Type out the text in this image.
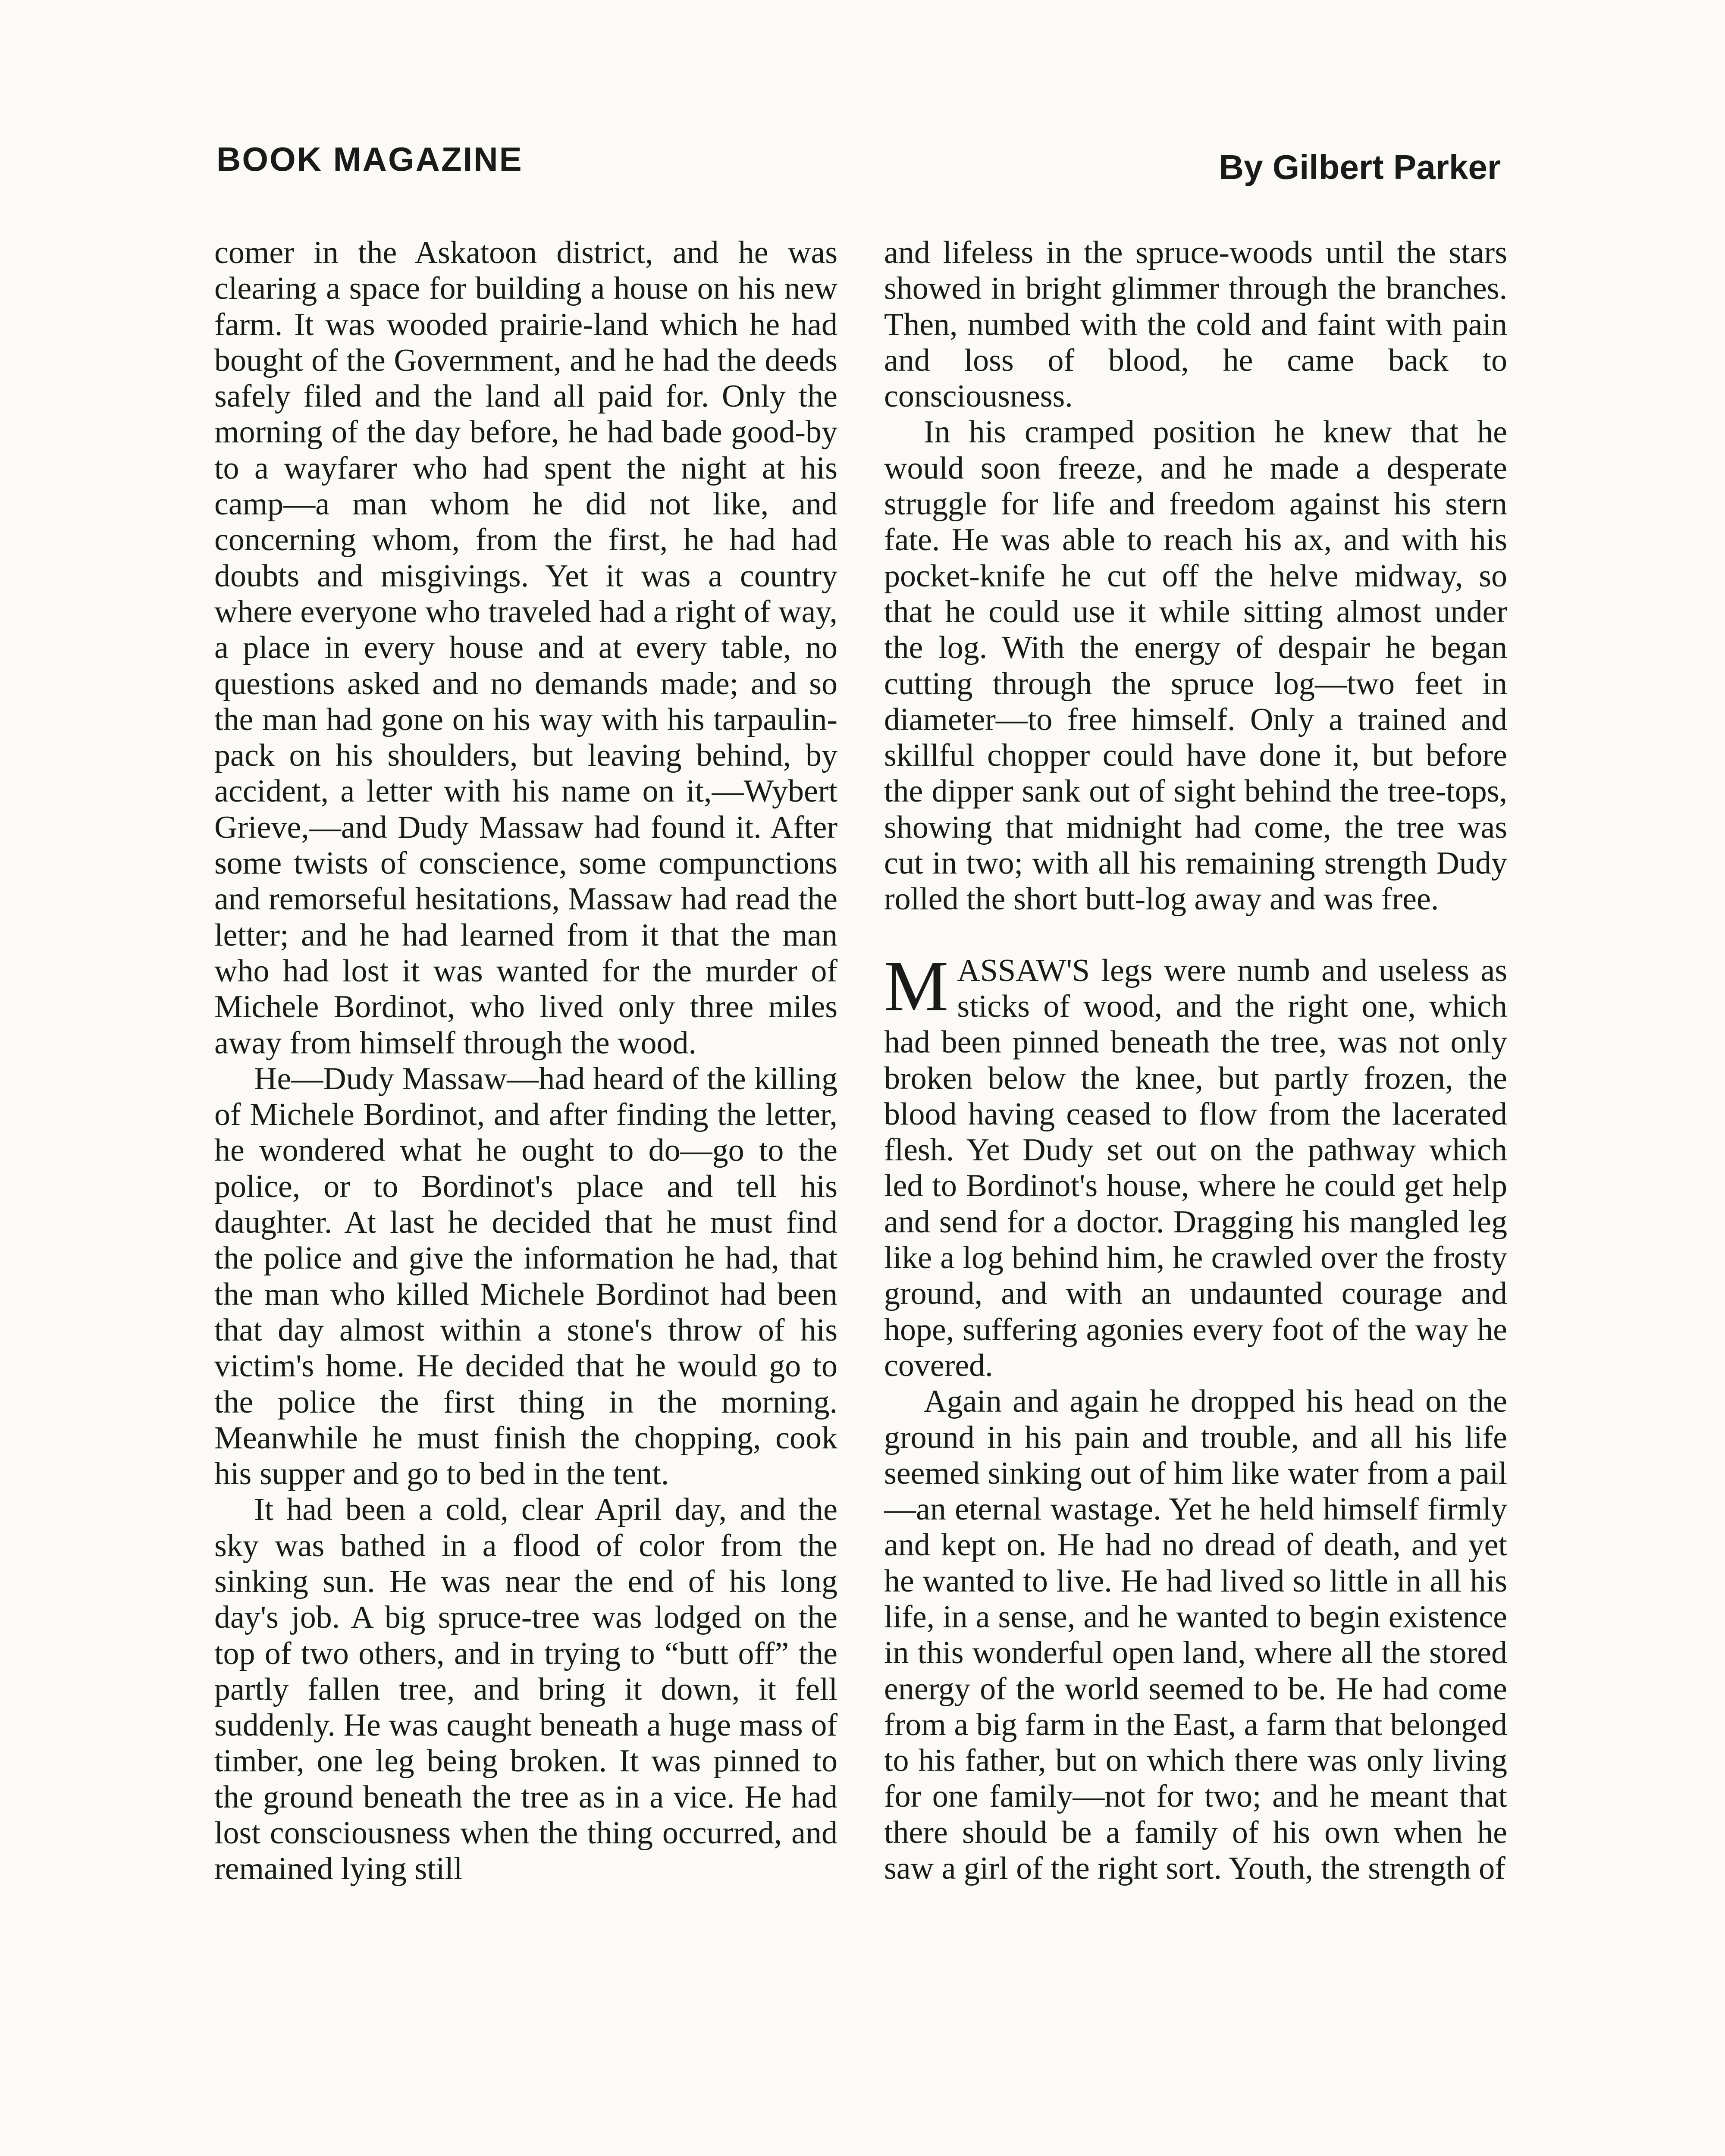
BOOK MAGAZINE	By Gilbert Parker

comer in the Askatoon district, and he was clearing a space for building a house on his new farm. It was wooded prairie-land which he had bought of the Government, and he had the deeds safely filed and the land all paid for. Only the morning of the day before, he had bade good-by to a wayfarer who had spent the night at his camp—a man whom he did not like, and concerning whom, from the first, he had had doubts and misgivings. Yet it was a country where everyone who traveled had a right of way, a place in every house and at every table, no questions asked and no demands made; and so the man had gone on his way with his tarpaulin-pack on his shoulders, but leaving behind, by accident, a letter with his name on it,—Wybert Grieve,—and Dudy Massaw had found it. After some twists of conscience, some compunctions and remorseful hesitations, Massaw had read the letter; and he had learned from it that the man who had lost it was wanted for the murder of Michele Bordinot, who lived only three miles away from himself through the wood.

He—Dudy Massaw—had heard of the killing of Michele Bordinot, and after finding the letter, he wondered what he ought to do—go to the police, or to Bordinot's place and tell his daughter. At last he decided that he must find the police and give the information he had, that the man who killed Michele Bordinot had been that day almost within a stone's throw of his victim's home. He decided that he would go to the police the first thing in the morning. Meanwhile he must finish the chopping, cook his supper and go to bed in the tent.

It had been a cold, clear April day, and the sky was bathed in a flood of color from the sinking sun. He was near the end of his long day's job. A big spruce-tree was lodged on the top of two others, and in trying to “butt off” the partly fallen tree, and bring it down, it fell suddenly. He was caught beneath a huge mass of timber, one leg being broken. It was pinned to the ground beneath the tree as in a vice. He had lost consciousness when the thing occurred, and remained lying still

and lifeless in the spruce-woods until the stars showed in bright glimmer through the branches. Then, numbed with the cold and faint with pain and loss of blood, he came back to consciousness.

In his cramped position he knew that he would soon freeze, and he made a desperate struggle for life and freedom against his stern fate. He was able to reach his ax, and with his pocket-knife he cut off the helve midway, so that he could use it while sitting almost under the log. With the energy of despair he began cutting through the spruce log—two feet in diameter—to free himself. Only a trained and skillful chopper could have done it, but before the dipper sank out of sight behind the tree-tops, showing that midnight had come, the tree was cut in two; with all his remaining strength Dudy rolled the short butt-log away and was free.

MASSAW'S legs were numb and useless as sticks of wood, and the right one, which had been pinned beneath the tree, was not only broken below the knee, but partly frozen, the blood having ceased to flow from the lacerated flesh. Yet Dudy set out on the pathway which led to Bordinot's house, where he could get help and send for a doctor. Dragging his mangled leg like a log behind him, he crawled over the frosty ground, and with an undaunted courage and hope, suffering agonies every foot of the way he covered.

Again and again he dropped his head on the ground in his pain and trouble, and all his life seemed sinking out of him like water from a pail—an eternal wastage. Yet he held himself firmly and kept on. He had no dread of death, and yet he wanted to live. He had lived so little in all his life, in a sense, and he wanted to begin existence in this wonderful open land, where all the stored energy of the world seemed to be. He had come from a big farm in the East, a farm that belonged to his father, but on which there was only living for one family—not for two; and he meant that there should be a family of his own when he saw a girl of the right sort. Youth, the strength of
